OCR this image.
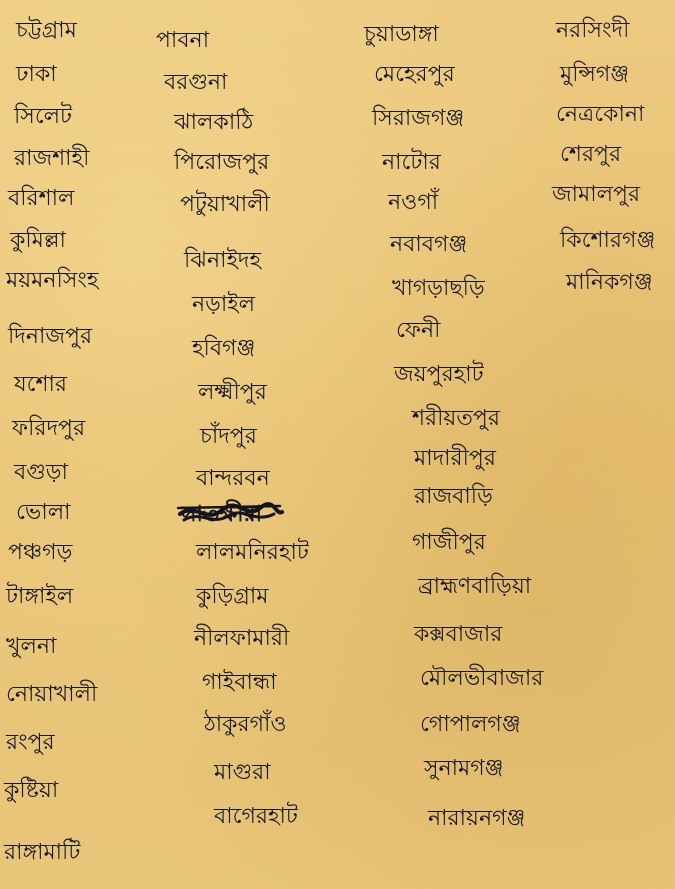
চট্টগ্রাম
ঢাকা
সিলেট
রাজশাহী
বরিশাল
কুমিল্লা
ময়মনসিংহ
দিনাজপুর
যশোর
ফরিদপুর
বগুড়া
ভোলা
পঞ্চগড়
টাঙ্গাইল
খুলনা
নোয়াখালী
রংপুর
কুষ্টিয়া
রাঙ্গামাটি
পাবনা
বরগুনা
ঝালকাঠি
পিরোজপুর
পটুয়াখালী
ঝিনাইদহ
নড়াইল
হবিগঞ্জ
লক্ষ্মীপুর
চাঁদপুর
বান্দরবন
সাতক্ষীরা
লালমনিরহাট
কুড়িগ্রাম
নীলফামারী
গাইবান্ধা
ঠাকুরগাঁও
মাগুরা
বাগেরহাট
চুয়াডাঙ্গা
মেহেরপুর
সিরাজগঞ্জ
নাটোর
নওগাঁ
নবাবগঞ্জ
খাগড়াছড়ি
ফেনী
জয়পুরহাট
শরীয়তপুর
মাদারীপুর
রাজবাড়ি
গাজীপুর
ব্রাহ্মণবাড়িয়া
কক্সবাজার
মৌলভীবাজার
গোপালগঞ্জ
সুনামগঞ্জ
নারায়নগঞ্জ
নরসিংদী
মুন্সিগঞ্জ
নেত্রকোনা
শেরপুর
জামালপুর
কিশোরগঞ্জ
মানিকগঞ্জ
